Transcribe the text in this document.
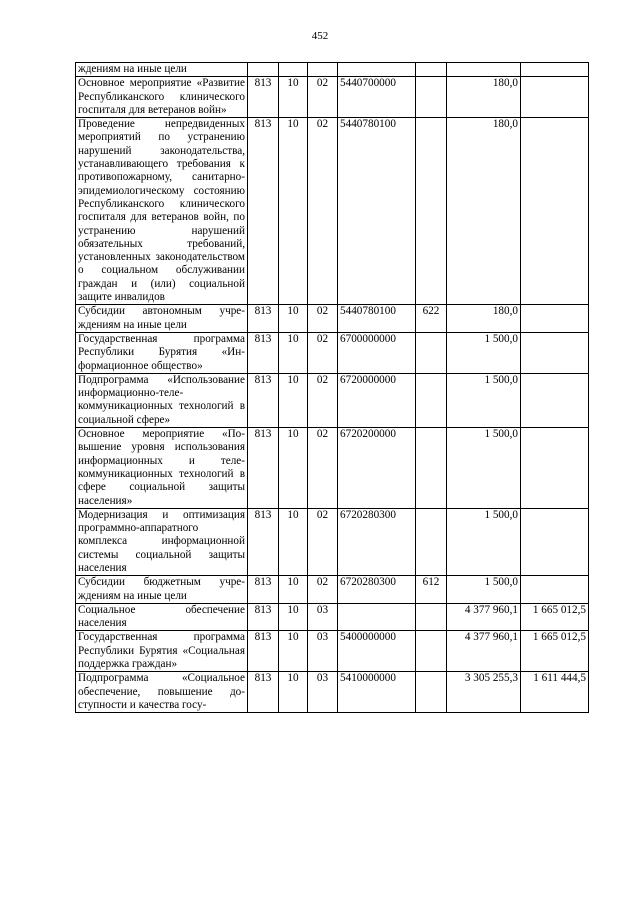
452
ждениям на иные цели							
Основное мероприятие «Развитие Республиканского клинического госпиталя для ветеранов войн»	813	10	02	5440700000		180,0	
Проведение непредвиденных мероприятий по устранению нарушений законодательства, устанавливающего требования к противопожарному, санитарно-эпидемиологическому состоянию Республиканского клинического госпиталя для ветеранов войн, по устранению нарушений обязательных требований, установленных законодательством о социальном обслуживании граждан и (или) социальной защите инвалидов	813	10	02	5440780100		180,0	
Субсидии автономным учреждениям на иные цели	813	10	02	5440780100	622	180,0	
Государственная программа Республики Бурятия «Информационное общество»	813	10	02	6700000000		1 500,0	
Подпрограмма «Использование информационно-телекоммуникационных технологий в социальной сфере»	813	10	02	6720000000		1 500,0	
Основное мероприятие «Повышение уровня использования информационных и телекоммуникационных технологий в сфере социальной защиты населения»	813	10	02	6720200000		1 500,0	
Модернизация и оптимизация программно-аппаратного комплекса информационной системы социальной защиты населения	813	10	02	6720280300		1 500,0	
Субсидии бюджетным учреждениям на иные цели	813	10	02	6720280300	612	1 500,0	
Социальное обеспечение населения	813	10	03			4 377 960,1	1 665 012,5
Государственная программа Республики Бурятия «Социальная поддержка граждан»	813	10	03	5400000000		4 377 960,1	1 665 012,5
Подпрограмма «Социальное обеспечение, повышение доступности и качества госу-	813	10	03	5410000000		3 305 255,3	1 611 444,5
